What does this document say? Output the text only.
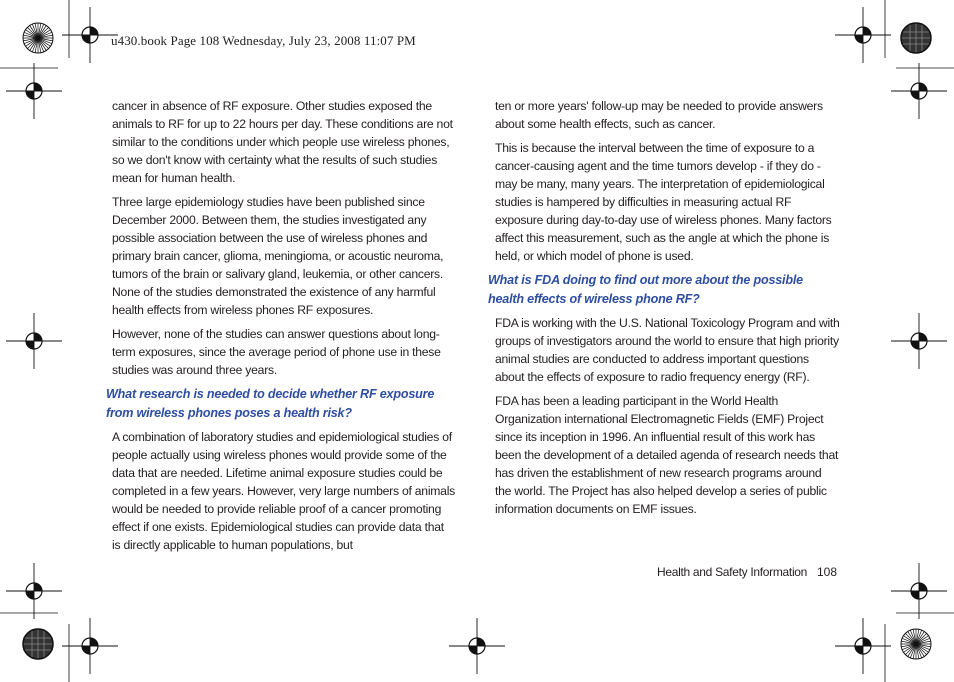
u430.book Page 108 Wednesday, July 23, 2008 11:07 PM

cancer in absence of RF exposure. Other studies exposed the animals to RF for up to 22 hours per day. These conditions are not similar to the conditions under which people use wireless phones, so we don't know with certainty what the results of such studies mean for human health.

Three large epidemiology studies have been published since December 2000. Between them, the studies investigated any possible association between the use of wireless phones and primary brain cancer, glioma, meningioma, or acoustic neuroma, tumors of the brain or salivary gland, leukemia, or other cancers. None of the studies demonstrated the existence of any harmful health effects from wireless phones RF exposures.

However, none of the studies can answer questions about long-term exposures, since the average period of phone use in these studies was around three years.

What research is needed to decide whether RF exposure from wireless phones poses a health risk?

A combination of laboratory studies and epidemiological studies of people actually using wireless phones would provide some of the data that are needed. Lifetime animal exposure studies could be completed in a few years. However, very large numbers of animals would be needed to provide reliable proof of a cancer promoting effect if one exists. Epidemiological studies can provide data that is directly applicable to human populations, but

ten or more years' follow-up may be needed to provide answers about some health effects, such as cancer.

This is because the interval between the time of exposure to a cancer-causing agent and the time tumors develop - if they do - may be many, many years. The interpretation of epidemiological studies is hampered by difficulties in measuring actual RF exposure during day-to-day use of wireless phones. Many factors affect this measurement, such as the angle at which the phone is held, or which model of phone is used.

What is FDA doing to find out more about the possible health effects of wireless phone RF?

FDA is working with the U.S. National Toxicology Program and with groups of investigators around the world to ensure that high priority animal studies are conducted to address important questions about the effects of exposure to radio frequency energy (RF).

FDA has been a leading participant in the World Health Organization international Electromagnetic Fields (EMF) Project since its inception in 1996. An influential result of this work has been the development of a detailed agenda of research needs that has driven the establishment of new research programs around the world. The Project has also helped develop a series of public information documents on EMF issues.

Health and Safety Information 108
